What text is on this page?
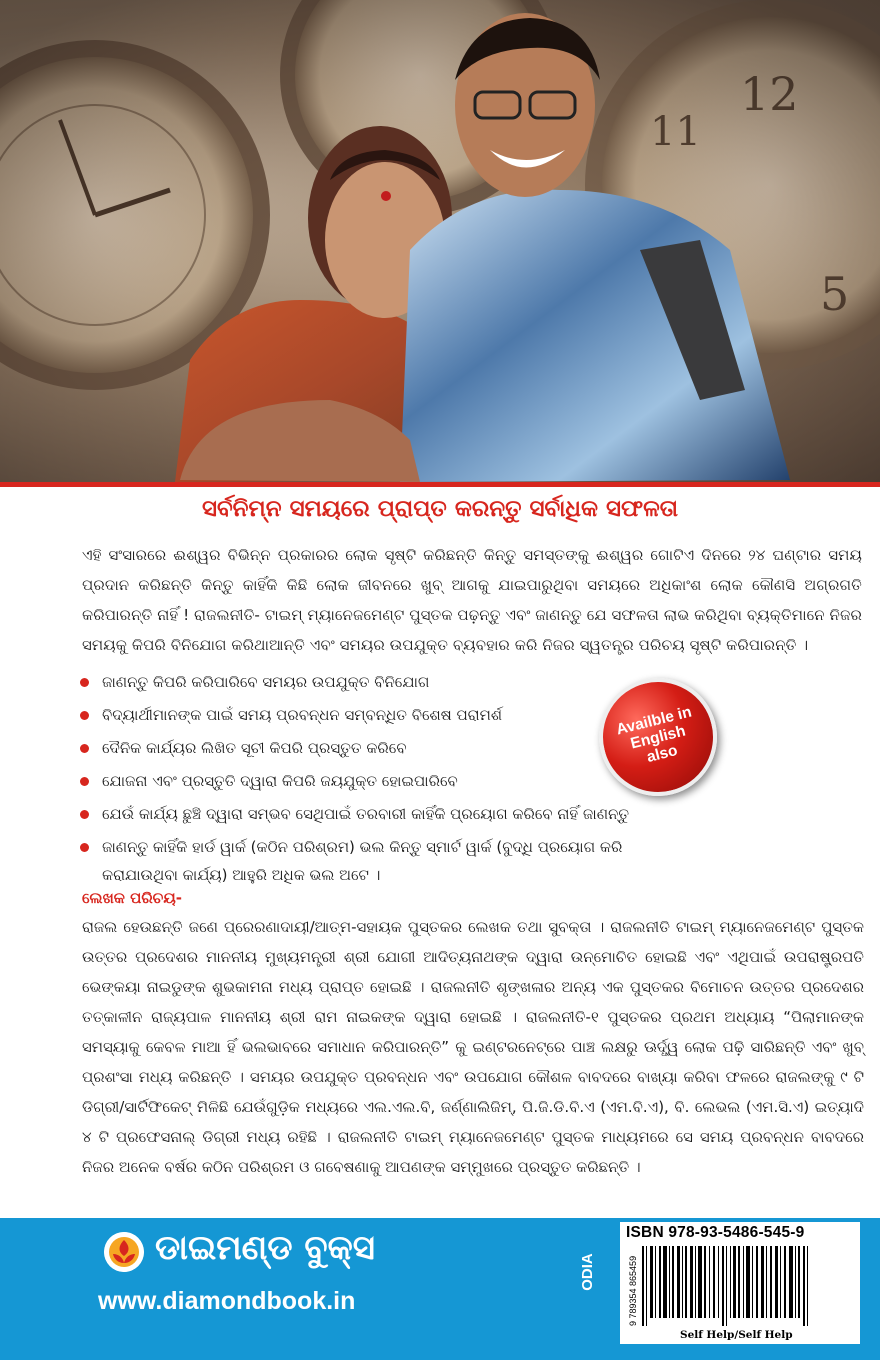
ସର୍ବନିମ୍ନ ସମୟରେ ପ୍ରାପ୍ତ କରନ୍ତୁ ସର୍ବାଧିକ ସଫଳତା
ଏହି ସଂସାରରେ ଈଶ୍ୱର ବିଭିନ୍ନ ପ୍ରକାରର ଲୋକ ସୃଷ୍ଟି କରିଛନ୍ତି କିନ୍ତୁ ସମସ୍ତଙ୍କୁ ଈଶ୍ୱର ଗୋଟିଏ ଦିନରେ ୨୪ ଘଣ୍ଟାର ସମୟ ପ୍ରଦାନ କରିଛନ୍ତି କିନ୍ତୁ କାହିଁକି କିଛି ଲୋକ ଜୀବନରେ ଖୁବ୍ ଆଗକୁ ଯାଇପାରୁଥିବା ସମୟରେ ଅଧିକାଂଶ ଲୋକ କୌଣସି ଅଗ୍ରଗତି କରିପାରନ୍ତି ନାହିଁ ! ରାଜଲନୀତି- ଟାଇମ୍ ମ୍ୟାନେଜମେଣ୍ଟ ପୁସ୍ତକ ପଢ଼ନ୍ତୁ ଏବଂ ଜାଣନ୍ତୁ ଯେ ସଫଳତା ଲାଭ କରିଥିବା ବ୍ୟକ୍ତିମାନେ ନିଜର ସମୟକୁ କିପରି ବିନିଯୋଗ କରିଥାଆନ୍ତି ଏବଂ ସମୟର ଉପଯୁକ୍ତ ବ୍ୟବହାର କରି ନିଜର ସ୍ୱତନ୍ତ୍ର ପରିଚୟ ସୃଷ୍ଟି କରିପାରନ୍ତି ।
ଜାଣନ୍ତୁ କିପରି କରିପାରିବେ ସମୟର ଉପଯୁକ୍ତ ବିନିଯୋଗ
ବିଦ୍ୟାର୍ଥୀମାନଙ୍କ ପାଇଁ ସମୟ ପ୍ରବନ୍ଧନ ସମ୍ବନ୍ଧିତ ବିଶେଷ ପରାମର୍ଶ
ଦୈନିକ କାର୍ଯ୍ୟର ଲିଖିତ ସୂଚୀ କିପରି ପ୍ରସ୍ତୁତ କରିବେ
ଯୋଜନା ଏବଂ ପ୍ରସ୍ତୁତି ଦ୍ୱାରା କିପରି ଜୟଯୁକ୍ତ ହୋଇପାରିବେ
ଯେଉଁ କାର୍ଯ୍ୟ ଛୁଞ୍ଚି ଦ୍ୱାରା ସମ୍ଭବ ସେଥିପାଇଁ ତରବାରୀ କାହିଁକି ପ୍ରୟୋଗ କରିବେ ନାହିଁ ଜାଣନ୍ତୁ
ଜାଣନ୍ତୁ କାହିଁକି ହାର୍ଡ ୱାର୍କ (କଠିନ ପରିଶ୍ରମ) ଭଲ କିନ୍ତୁ ସ୍ମାର୍ଟ ୱାର୍କ (ବୁଦ୍ଧି ପ୍ରୟୋଗ କରି କରାଯାଉଥିବା କାର୍ଯ୍ୟ) ଆହୁରି ଅଧିକ ଭଲ ଅଟେ ।
Availble in
English
also
ଲେଖକ ପରିଚୟ-
ରାଜଲ ହେଉଛନ୍ତି ଜଣେ ପ୍ରେରଣାଦାୟୀ/ଆତ୍ମ-ସହାୟକ ପୁସ୍ତକର ଲେଖକ ତଥା ସୁବକ୍ତା । ରାଜଲନୀତି ଟାଇମ୍ ମ୍ୟାନେଜମେଣ୍ଟ ପୁସ୍ତକ ଉତ୍ତର ପ୍ରଦେଶର ମାନନୀୟ ମୁଖ୍ୟମନ୍ତ୍ରୀ ଶ୍ରୀ ଯୋଗୀ ଆଦିତ୍ୟନାଥଙ୍କ ଦ୍ୱାରା ଉନ୍ମୋଚିତ ହୋଇଛି ଏବଂ ଏଥିପାଇଁ ଉପରାଷ୍ଟ୍ରପତି ଭେଙ୍କୟା ନାଇଡୁଙ୍କ ଶୁଭକାମନା ମଧ୍ୟ ପ୍ରାପ୍ତ ହୋଇଛି । ରାଜଲନୀତି ଶୃଙ୍ଖଳାର ଅନ୍ୟ ଏକ ପୁସ୍ତକର ବିମୋଚନ ଉତ୍ତର ପ୍ରଦେଶର ତତ୍କାଳୀନ ରାଜ୍ୟପାଳ ମାନନୀୟ ଶ୍ରୀ ରାମ ନାଇକଙ୍କ ଦ୍ୱାରା ହୋଇଛି । ରାଜଲନୀତି-୧ ପୁସ୍ତକର ପ୍ରଥମ ଅଧ୍ୟାୟ “ପିଲାମାନଙ୍କ ସମସ୍ୟାକୁ କେବଳ ମାଆ ହିଁ ଭଲଭାବରେ ସମାଧାନ କରିପାରନ୍ତି” କୁ ଇଣ୍ଟରନେଟ୍‌ରେ ପାଞ୍ଚ ଲକ୍ଷରୁ ଊର୍ଦ୍ଧ୍ୱ ଲୋକ ପଢ଼ି ସାରିଛନ୍ତି ଏବଂ ଖୁବ୍ ପ୍ରଶଂସା ମଧ୍ୟ କରିଛନ୍ତି । ସମୟର ଉପଯୁକ୍ତ ପ୍ରବନ୍ଧନ ଏବଂ ଉପଯୋଗ କୌଶଳ ବାବଦରେ ବାଖ୍ୟା କରିବା ଫଳରେ ରାଜଲଙ୍କୁ ୯ ଟି ଡିଗ୍ରୀ/ସାର୍ଟିଫିକେଟ୍ ମିଳିଛି ଯେଉଁଗୁଡ଼ିକ ମଧ୍ୟରେ ଏଲ.ଏଲ.ବି, ଜର୍ଣ୍ଣାଲିଜିମ୍, ପି.ଜି.ଡି.ବି.ଏ (ଏମ.ବି.ଏ), ବି. ଲେଭଲ (ଏମ.ସି.ଏ) ଇତ୍ୟାଦି ୪ ଟି ପ୍ରଫେସନାଲ୍ ଡିଗ୍ରୀ ମଧ୍ୟ ରହିଛି । ରାଜଲନୀତି ଟାଇମ୍ ମ୍ୟାନେଜମେଣ୍ଟ ପୁସ୍ତକ ମାଧ୍ୟମରେ ସେ ସମୟ ପ୍ରବନ୍ଧନ ବାବଦରେ ନିଜର ଅନେକ ବର୍ଷର କଠିନ ପରିଶ୍ରମ ଓ ଗବେଷଣାକୁ ଆପଣଙ୍କ ସମ୍ମୁଖରେ ପ୍ରସ୍ତୁତ କରିଛନ୍ତି ।
ଡାଇମଣ୍ଡ ବୁକ୍ସ
www.diamondbook.in
ODIA
ISBN 978-93-5486-545-9
9 789354 865459
Self Help/Self Help
